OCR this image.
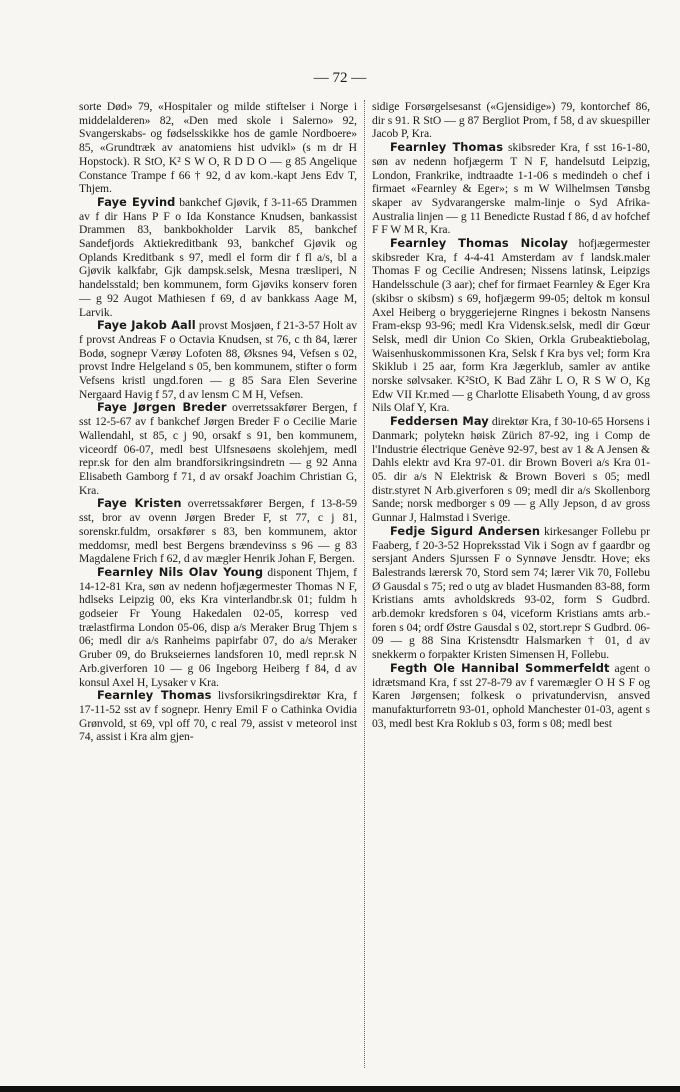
— 72 —

sorte Død» 79, «Hospitaler og milde stiftelser i Norge i middelalderen» 82, «Den med skole i Salerno» 92, Svangerskabs- og fødselsskikke hos de gamle Nordboere» 85, «Grundtræk av anatomiens hist udvikl» (s m dr H Hopstock). R StO, K² S W O, R D D O — g 85 Angelique Constance Trampe f 66 † 92, d av kom.-kapt Jens Edv T, Thjem.

Faye Eyvind bankchef Gjøvik, f 3-11-65 Drammen av f dir Hans P F o Ida Konstance Knudsen, bankassist Drammen 83, bankbokholder Larvik 85, bankchef Sandefjords Aktiekreditbank 93, bankchef Gjøvik og Oplands Kreditbank s 97, medl el form dir f fl a/s, bl a Gjøvik kalkfabr, Gjk dampsk.selsk, Mesna træsliperi, N handelsstald; ben kommunem, form Gjøviks konserv foren — g 92 Augot Mathiesen f 69, d av bankkass Aage M, Larvik.

Faye Jakob Aall provst Mosjøen, f 21-3-57 Holt av f provst Andreas F o Octavia Knudsen, st 76, c th 84, lærer Bodø, sognepr Værøy Lofoten 88, Øksnes 94, Vefsen s 02, provst Indre Helgeland s 05, ben kommunem, stifter o form Vefsens kristl ungd.foren — g 85 Sara Elen Severine Nergaard Havig f 57, d av lensm C M H, Vefsen.

Faye Jørgen Breder overretssakfører Bergen, f sst 12-5-67 av f bankchef Jørgen Breder F o Cecilie Marie Wallendahl, st 85, c j 90, orsakf s 91, ben kommunem, viceordf 06-07, medl best Ulfsnesøens skolehjem, medl repr.sk for den alm brandforsikringsindretn — g 92 Anna Elisabeth Gamborg f 71, d av orsakf Joachim Christian G, Kra.

Faye Kristen overretssakfører Bergen, f 13-8-59 sst, bror av ovenn Jørgen Breder F, st 77, c j 81, sorenskr.fuldm, orsakfører s 83, ben kommunem, aktor meddomsr, medl best Bergens brændevinss s 96 — g 83 Magdalene Frich f 62, d av mægler Henrik Johan F, Bergen.

Fearnley Nils Olav Young disponent Thjem, f 14-12-81 Kra, søn av nedenn hofjægermester Thomas N F, hdlseks Leipzig 00, eks Kra vinterlandbr.sk 01; fuldm h godseier Fr Young Hakedalen 02-05, korresp ved trælastfirma London 05-06, disp a/s Meraker Brug Thjem s 06; medl dir a/s Ranheims papirfabr 07, do a/s Meraker Gruber 09, do Brukseiernes landsforen 10, medl repr.sk N Arb.giverforen 10 — g 06 Ingeborg Heiberg f 84, d av konsul Axel H, Lysaker v Kra.

Fearnley Thomas livsforsikringsdirektør Kra, f 17-11-52 sst av f sognepr. Henry Emil F o Cathinka Ovidia Grønvold, st 69, vpl off 70, c real 79, assist v meteorol inst 74, assist i Kra alm gjen-

sidige Forsørgelsesanst («Gjensidige») 79, kontorchef 86, dir s 91. R StO — g 87 Bergliot Prom, f 58, d av skuespiller Jacob P, Kra.

Fearnley Thomas skibsreder Kra, f sst 16-1-80, søn av nedenn hofjægerm T N F, handelsutd Leipzig, London, Frankrike, indtraadte 1-1-06 s medindeh o chef i firmaet «Fearnley & Eger»; s m W Wilhelmsen Tønsbg skaper av Sydvarangerske malm-linje o Syd Afrika-Australia linjen — g 11 Benedicte Rustad f 86, d av hofchef F F W M R, Kra.

Fearnley Thomas Nicolay hofjægermester skibsreder Kra, f 4-4-41 Amsterdam av f landsk.maler Thomas F og Cecilie Andresen; Nissens latinsk, Leipzigs Handelsschule (3 aar); chef for firmaet Fearnley & Eger Kra (skibsr o skibsm) s 69, hofjægerm 99-05; deltok m konsul Axel Heiberg o bryggeriejerne Ringnes i bekostn Nansens Fram-eksp 93-96; medl Kra Vidensk.selsk, medl dir Gœur Selsk, medl dir Union Co Skien, Orkla Grubeaktiebolag, Waisenhuskommissonen Kra, Selsk f Kra bys vel; form Kra Skiklub i 25 aar, form Kra Jægerklub, samler av antike norske sølvsaker. K²StO, K Bad Zähr L O, R S W O, Kg Edw VII Kr.med — g Charlotte Elisabeth Young, d av gross Nils Olaf Y, Kra.

Feddersen May direktør Kra, f 30-10-65 Horsens i Danmark; polytekn høisk Zürich 87-92, ing i Comp de l'Industrie électrique Genève 92-97, best av 1 & A Jensen & Dahls elektr avd Kra 97-01. dir Brown Boveri a/s Kra 01-05. dir a/s N Elektrisk & Brown Boveri s 05; medl distr.styret N Arb.giverforen s 09; medl dir a/s Skollenborg Sande; norsk medborger s 09 — g Ally Jepson, d av gross Gunnar J, Halmstad i Sverige.

Fedje Sigurd Andersen kirkesanger Follebu pr Faaberg, f 20-3-52 Hopreksstad Vik i Sogn av f gaardbr og sersjant Anders Sjurssen F o Synnøve Jensdtr. Hove; eks Balestrands lærersk 70, Stord sem 74; lærer Vik 70, Follebu Ø Gausdal s 75; red o utg av bladet Husmanden 83-88, form Kristians amts avholdskreds 93-02, form S Gudbrd. arb.demokr kredsforen s 04, viceform Kristians amts arb.-foren s 04; ordf Østre Gausdal s 02, stort.repr S Gudbrd. 06-09 — g 88 Sina Kristensdtr Halsmarken † 01, d av snekkerm o forpakter Kristen Simensen H, Follebu.

Fegth Ole Hannibal Sommerfeldt agent o idrætsmand Kra, f sst 27-8-79 av f varemægler O H S F og Karen Jørgensen; folkesk o privatundervisn, ansved manufakturforretn 93-01, ophold Manchester 01-03, agent s 03, medl best Kra Roklub s 03, form s 08; medl best
